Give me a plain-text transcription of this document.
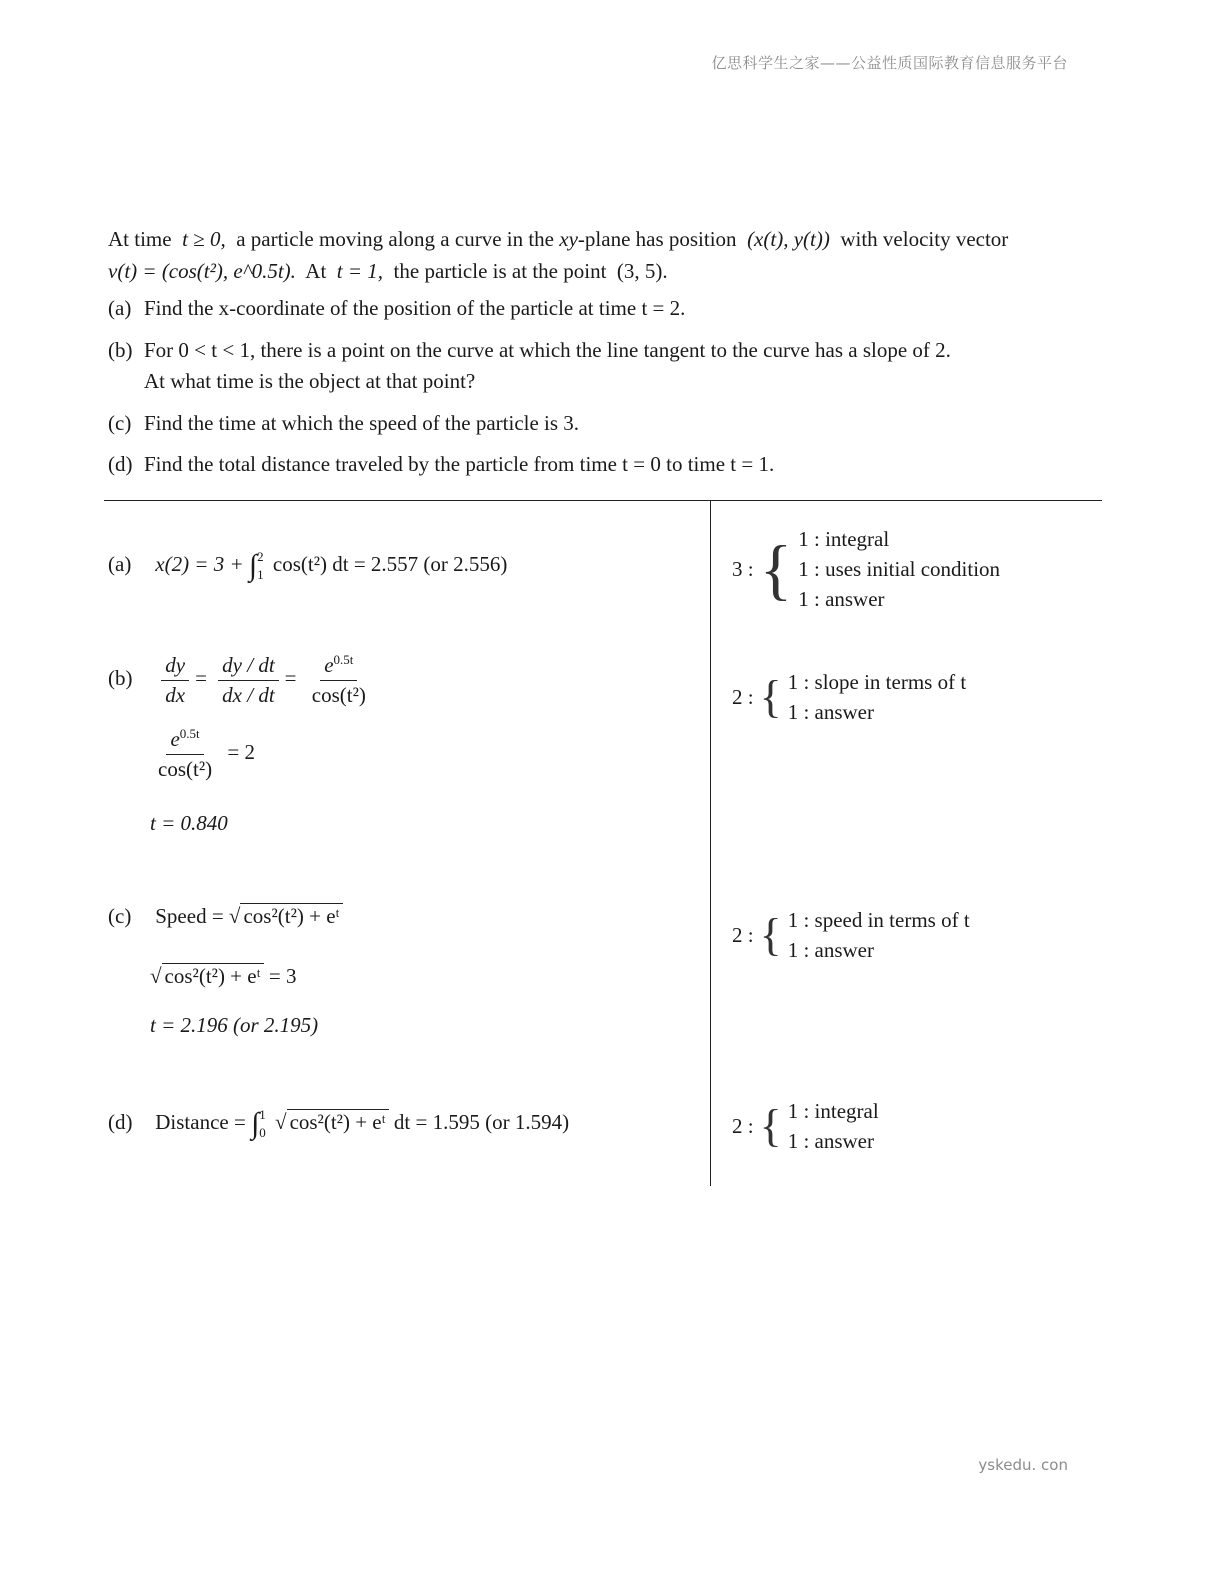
亿思科学生之家——公益性质国际教育信息服务平台

At time t ≥ 0, a particle moving along a curve in the xy-plane has position (x(t), y(t)) with velocity vector
v(t) = (cos(t²), e^0.5t). At t = 1, the particle is at the point (3, 5).

(a) Find the x-coordinate of the position of the particle at time t = 2.
(b) For 0 < t < 1, there is a point on the curve at which the line tangent to the curve has a slope of 2.
At what time is the object at that point?
(c) Find the time at which the speed of the particle is 3.
(d) Find the total distance traveled by the particle from time t = 0 to time t = 1.
(a) x(2) = 3 + ∫ 2
1 cos(t²) dt = 2.557 (or 2.556)
$(b) \frac{dy}{dx} = \frac{dy / dt}{dx / dt} = \frac{e^{0.5t}}{\text{cos(t²)}}$
$\frac{e^{0.5t}}{\text{cos(t²)}} = 2$
t = 0.840
(c) Speed = √ cos²(t²) + eᵗ
√ cos²(t²) + eᵗ = 3
t = 2.196 (or 2.195)
(d) Distance = ∫ 1
0 √ cos²(t²) + eᵗ dt = 1.595 (or 1.594)
3 : { 1 : integral
1 : uses initial condition
1 : answer
2 : { 1 : slope in terms of t
1 : answer
2 : { 1 : speed in terms of t
1 : answer
2 : { 1 : integral
1 : answer
yskedu. con
